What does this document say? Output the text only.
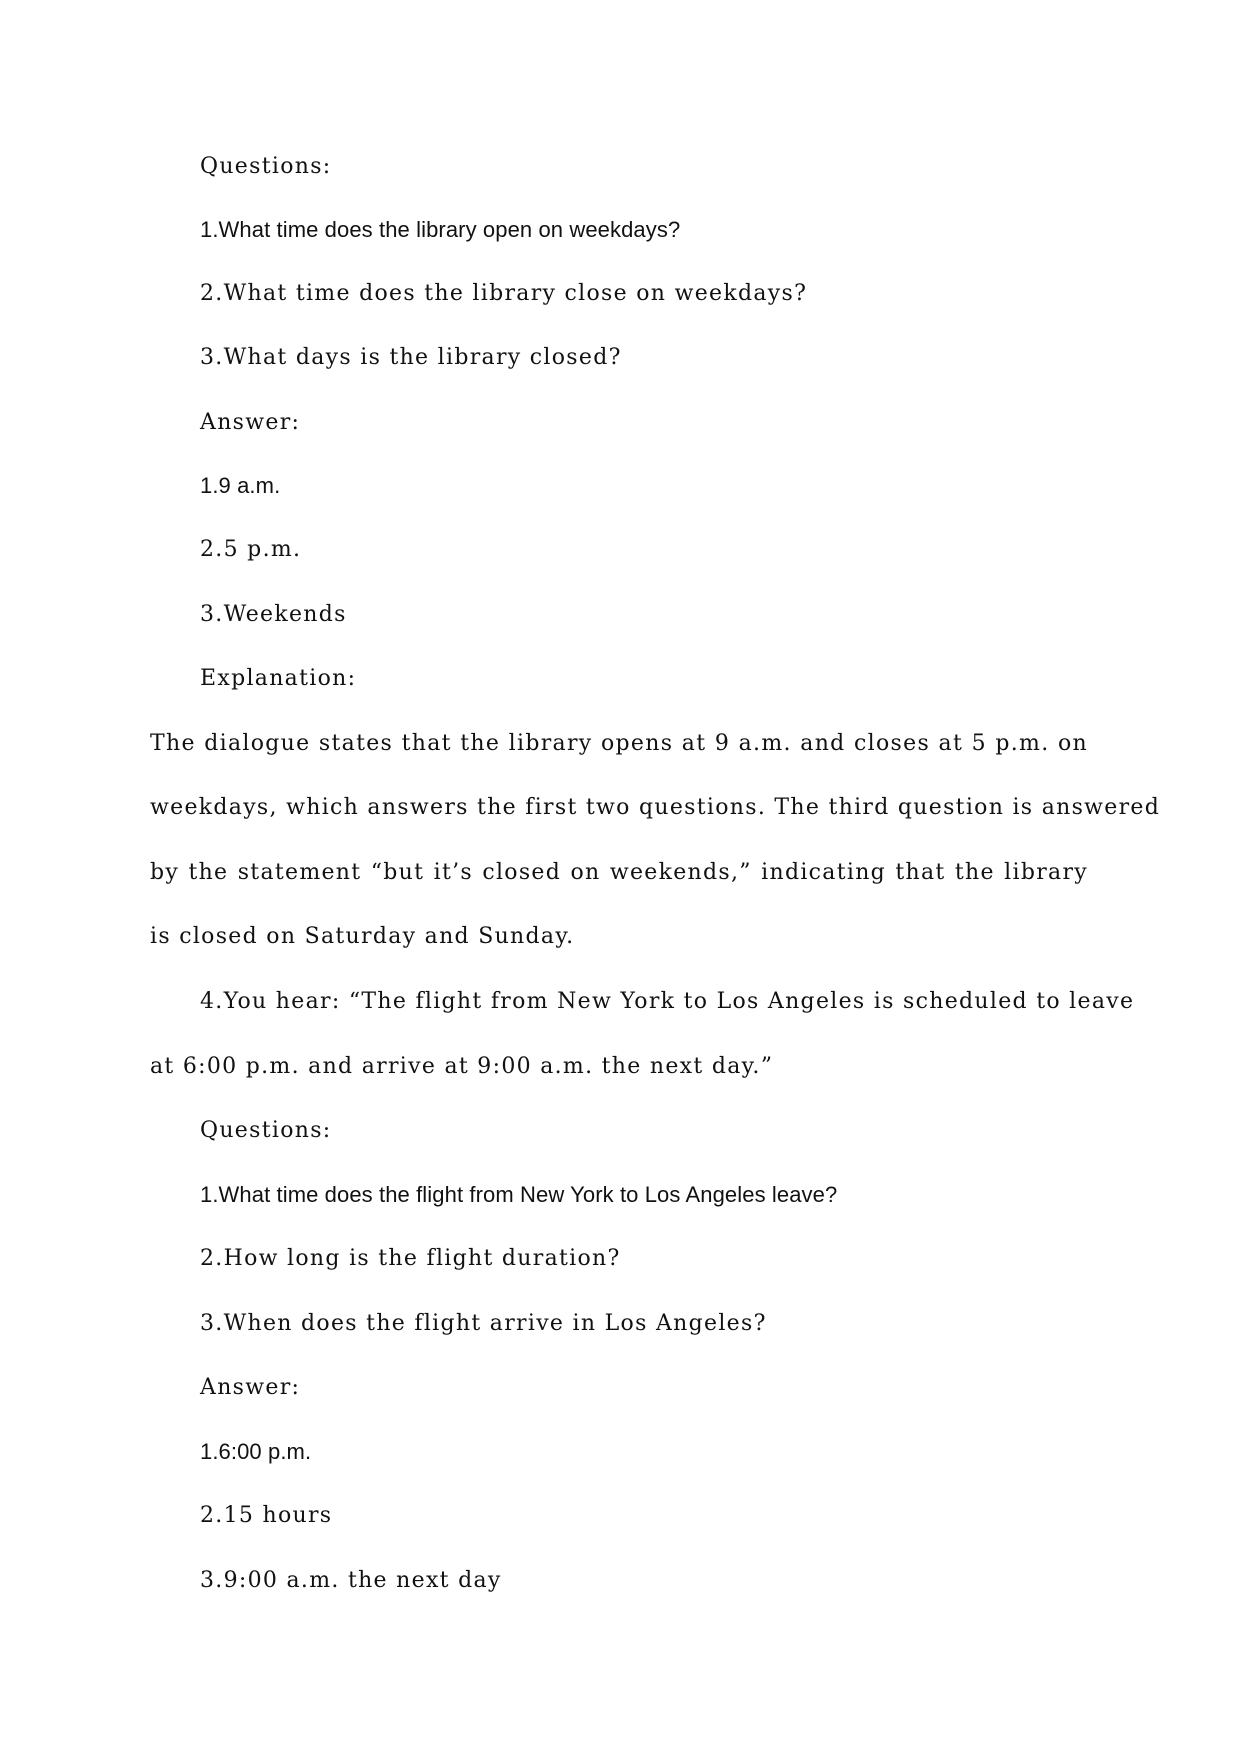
Questions:
1.What time does the library open on weekdays?
2.What time does the library close on weekdays?
3.What days is the library closed?
Answer:
1.9 a.m.
2.5 p.m.
3.Weekends
Explanation:
The dialogue states that the library opens at 9 a.m. and closes at 5 p.m. on
weekdays, which answers the first two questions. The third question is answered
by the statement “but it’s closed on weekends,” indicating that the library
is closed on Saturday and Sunday.
4.You hear: “The flight from New York to Los Angeles is scheduled to leave
at 6:00 p.m. and arrive at 9:00 a.m. the next day.”
Questions:
1.What time does the flight from New York to Los Angeles leave?
2.How long is the flight duration?
3.When does the flight arrive in Los Angeles?
Answer:
1.6:00 p.m.
2.15 hours
3.9:00 a.m. the next day
